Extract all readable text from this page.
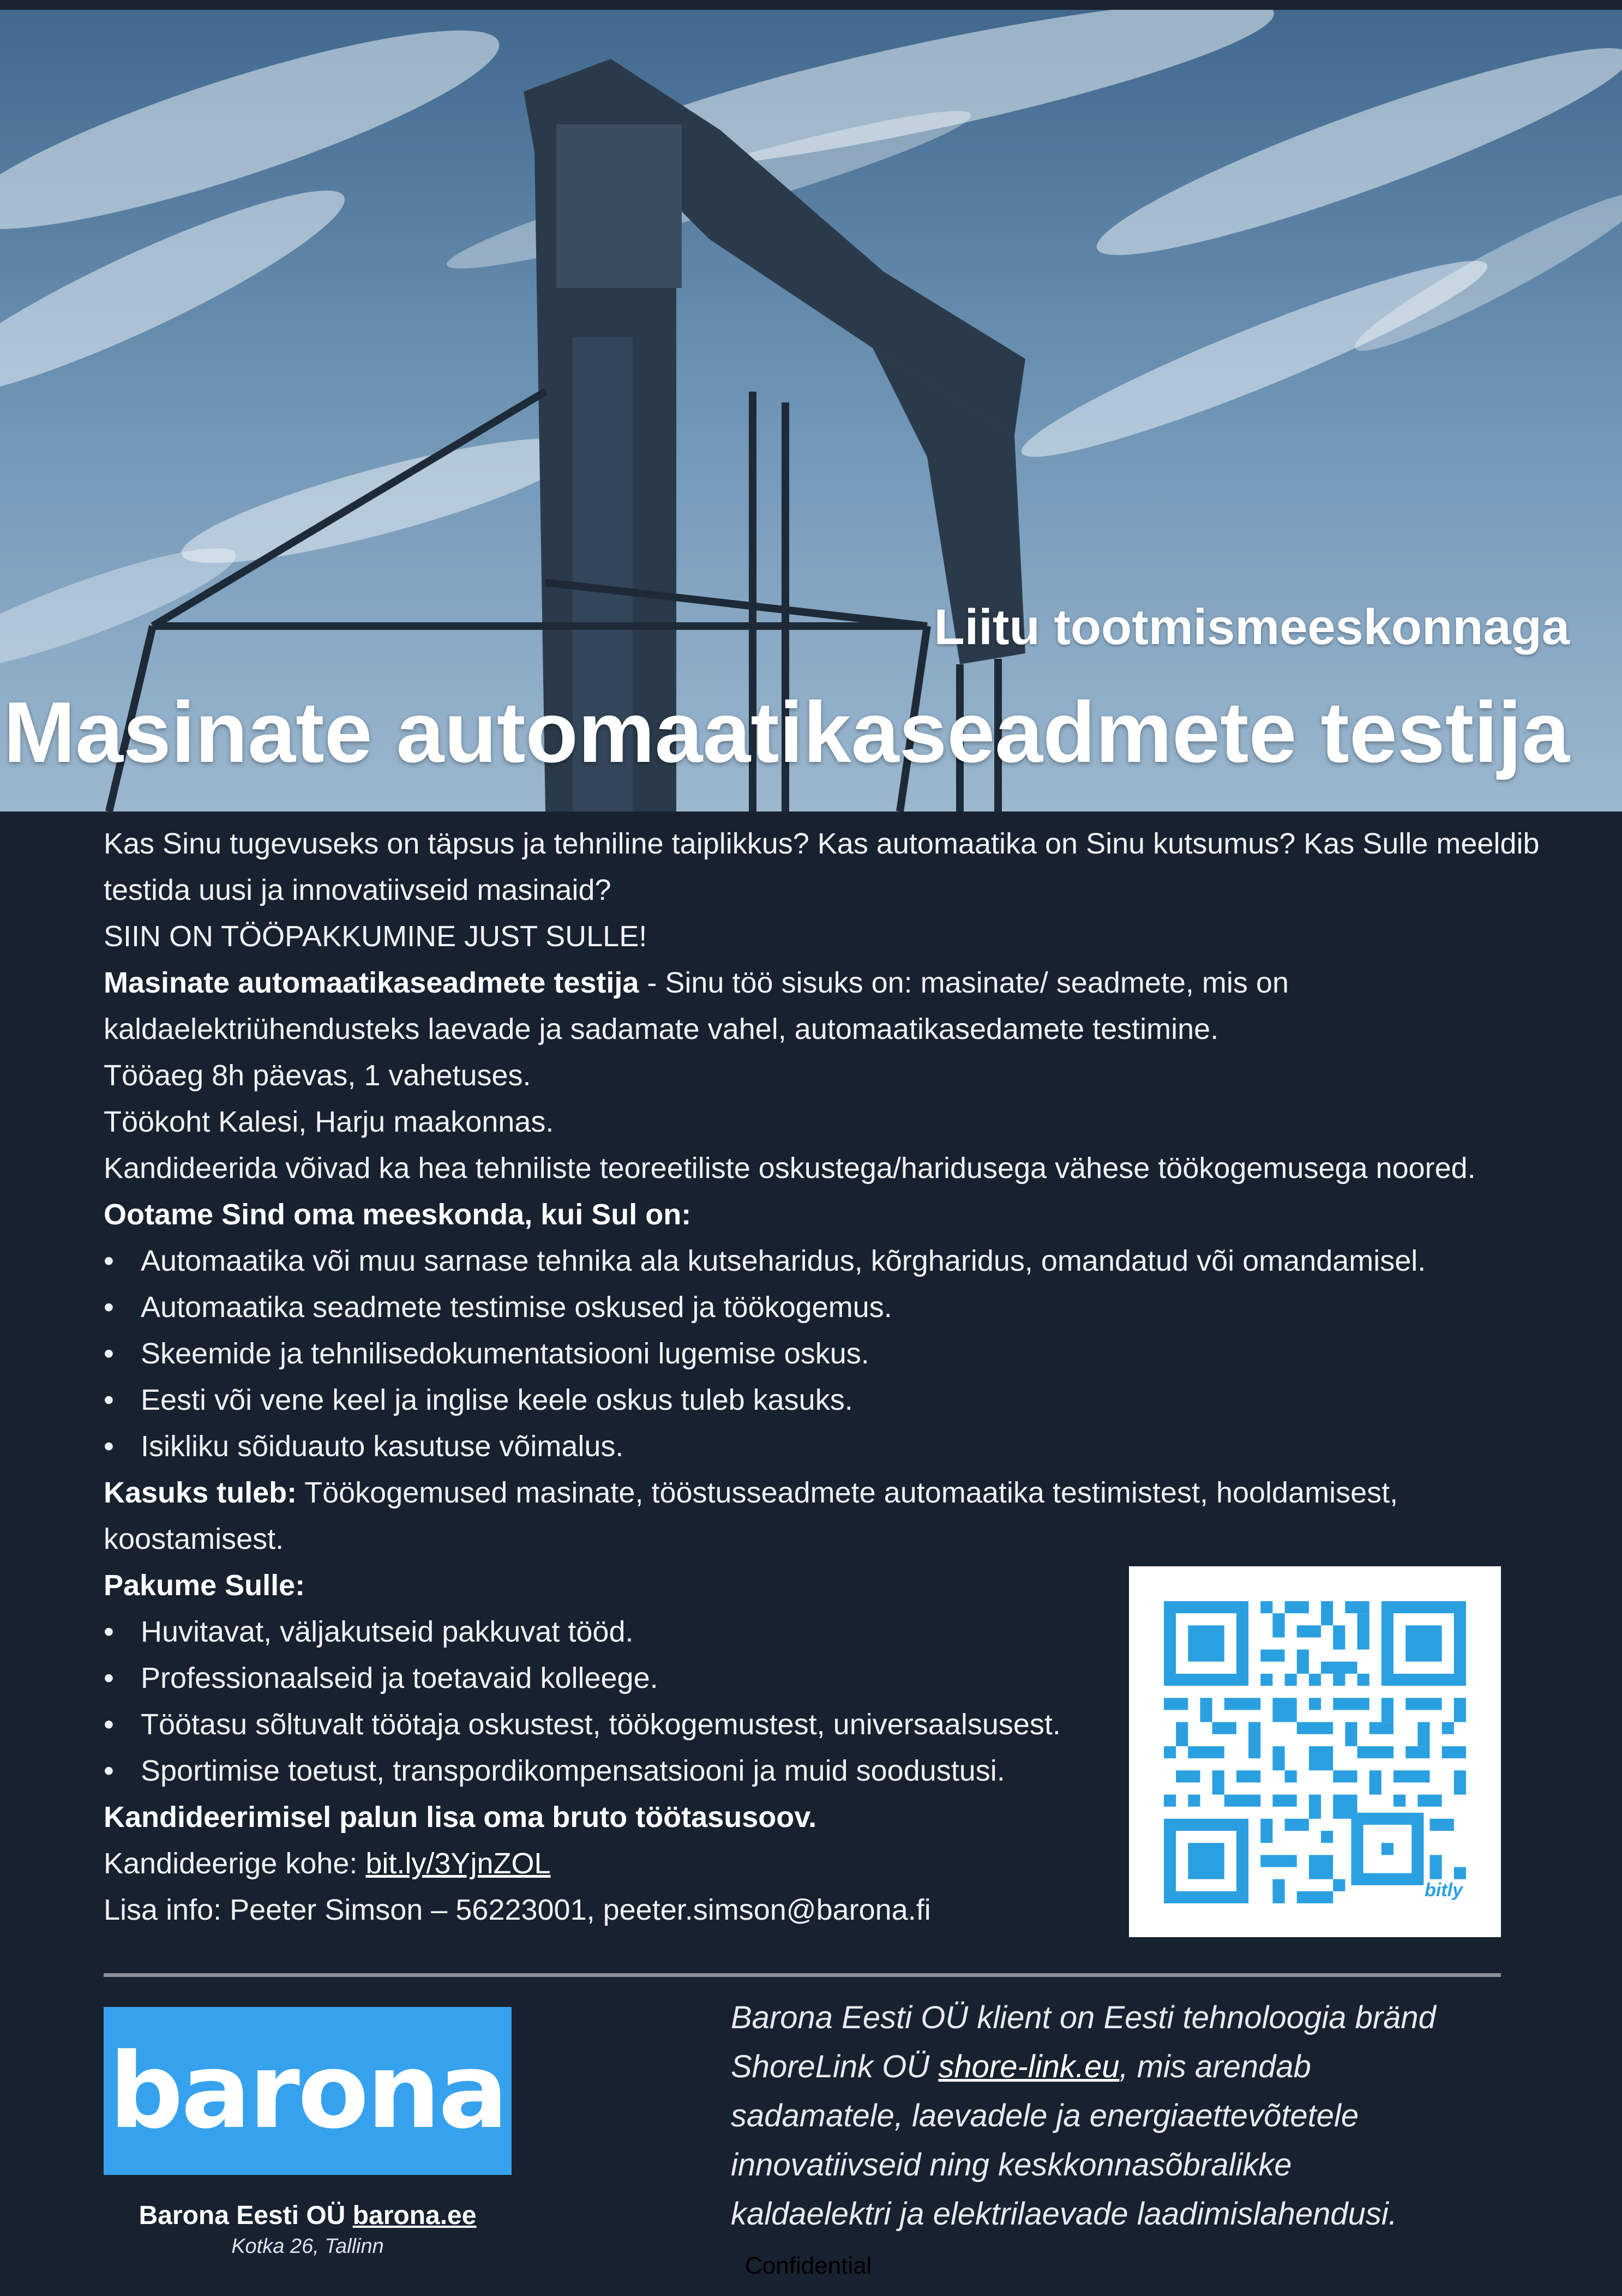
Liitu tootmismeeskonnaga
Masinate automaatikaseadmete testija
Kas Sinu tugevuseks on täpsus ja tehniline taiplikkus? Kas automaatika on Sinu kutsumus? Kas Sulle meeldib
testida uusi ja innovatiivseid masinaid?
SIIN ON TÖÖPAKKUMINE JUST SULLE!
Masinate automaatikaseadmete testija - Sinu töö sisuks on: masinate/ seadmete, mis on
kaldaelektriühendusteks laevade ja sadamate vahel, automaatikasedamete testimine.
Tööaeg 8h päevas, 1 vahetuses.
Töökoht Kalesi, Harju maakonnas.
Kandideerida võivad ka hea tehniliste teoreetiliste oskustega/haridusega vähese töökogemusega noored.
Ootame Sind oma meeskonda, kui Sul on:
• Automaatika või muu sarnase tehnika ala kutseharidus, kõrgharidus, omandatud või omandamisel.
• Automaatika seadmete testimise oskused ja töökogemus.
• Skeemide ja tehnilisedokumentatsiooni lugemise oskus.
• Eesti või vene keel ja inglise keele oskus tuleb kasuks.
• Isikliku sõiduauto kasutuse võimalus.
Kasuks tuleb: Töökogemused masinate, tööstusseadmete automaatika testimistest, hooldamisest,
koostamisest.
Pakume Sulle:
• Huvitavat, väljakutseid pakkuvat tööd.
• Professionaalseid ja toetavaid kolleege.
• Töötasu sõltuvalt töötaja oskustest, töökogemustest, universaalsusest.
• Sportimise toetust, transpordikompensatsiooni ja muid soodustusi.
Kandideerimisel palun lisa oma bruto töötasusoov.
Kandideerige kohe: bit.ly/3YjnZOL
Lisa info: Peeter Simson – 56223001, peeter.simson@barona.fi
bitly
barona
Barona Eesti OÜ barona.ee
Kotka 26, Tallinn
Barona Eesti OÜ klient on Eesti tehnoloogia bränd
ShoreLink OÜ shore-link.eu, mis arendab
sadamatele, laevadele ja energiaettevõtetele
innovatiivseid ning keskkonnasõbralikke
kaldaelektri ja elektrilaevade laadimislahendusi.
Confidential
